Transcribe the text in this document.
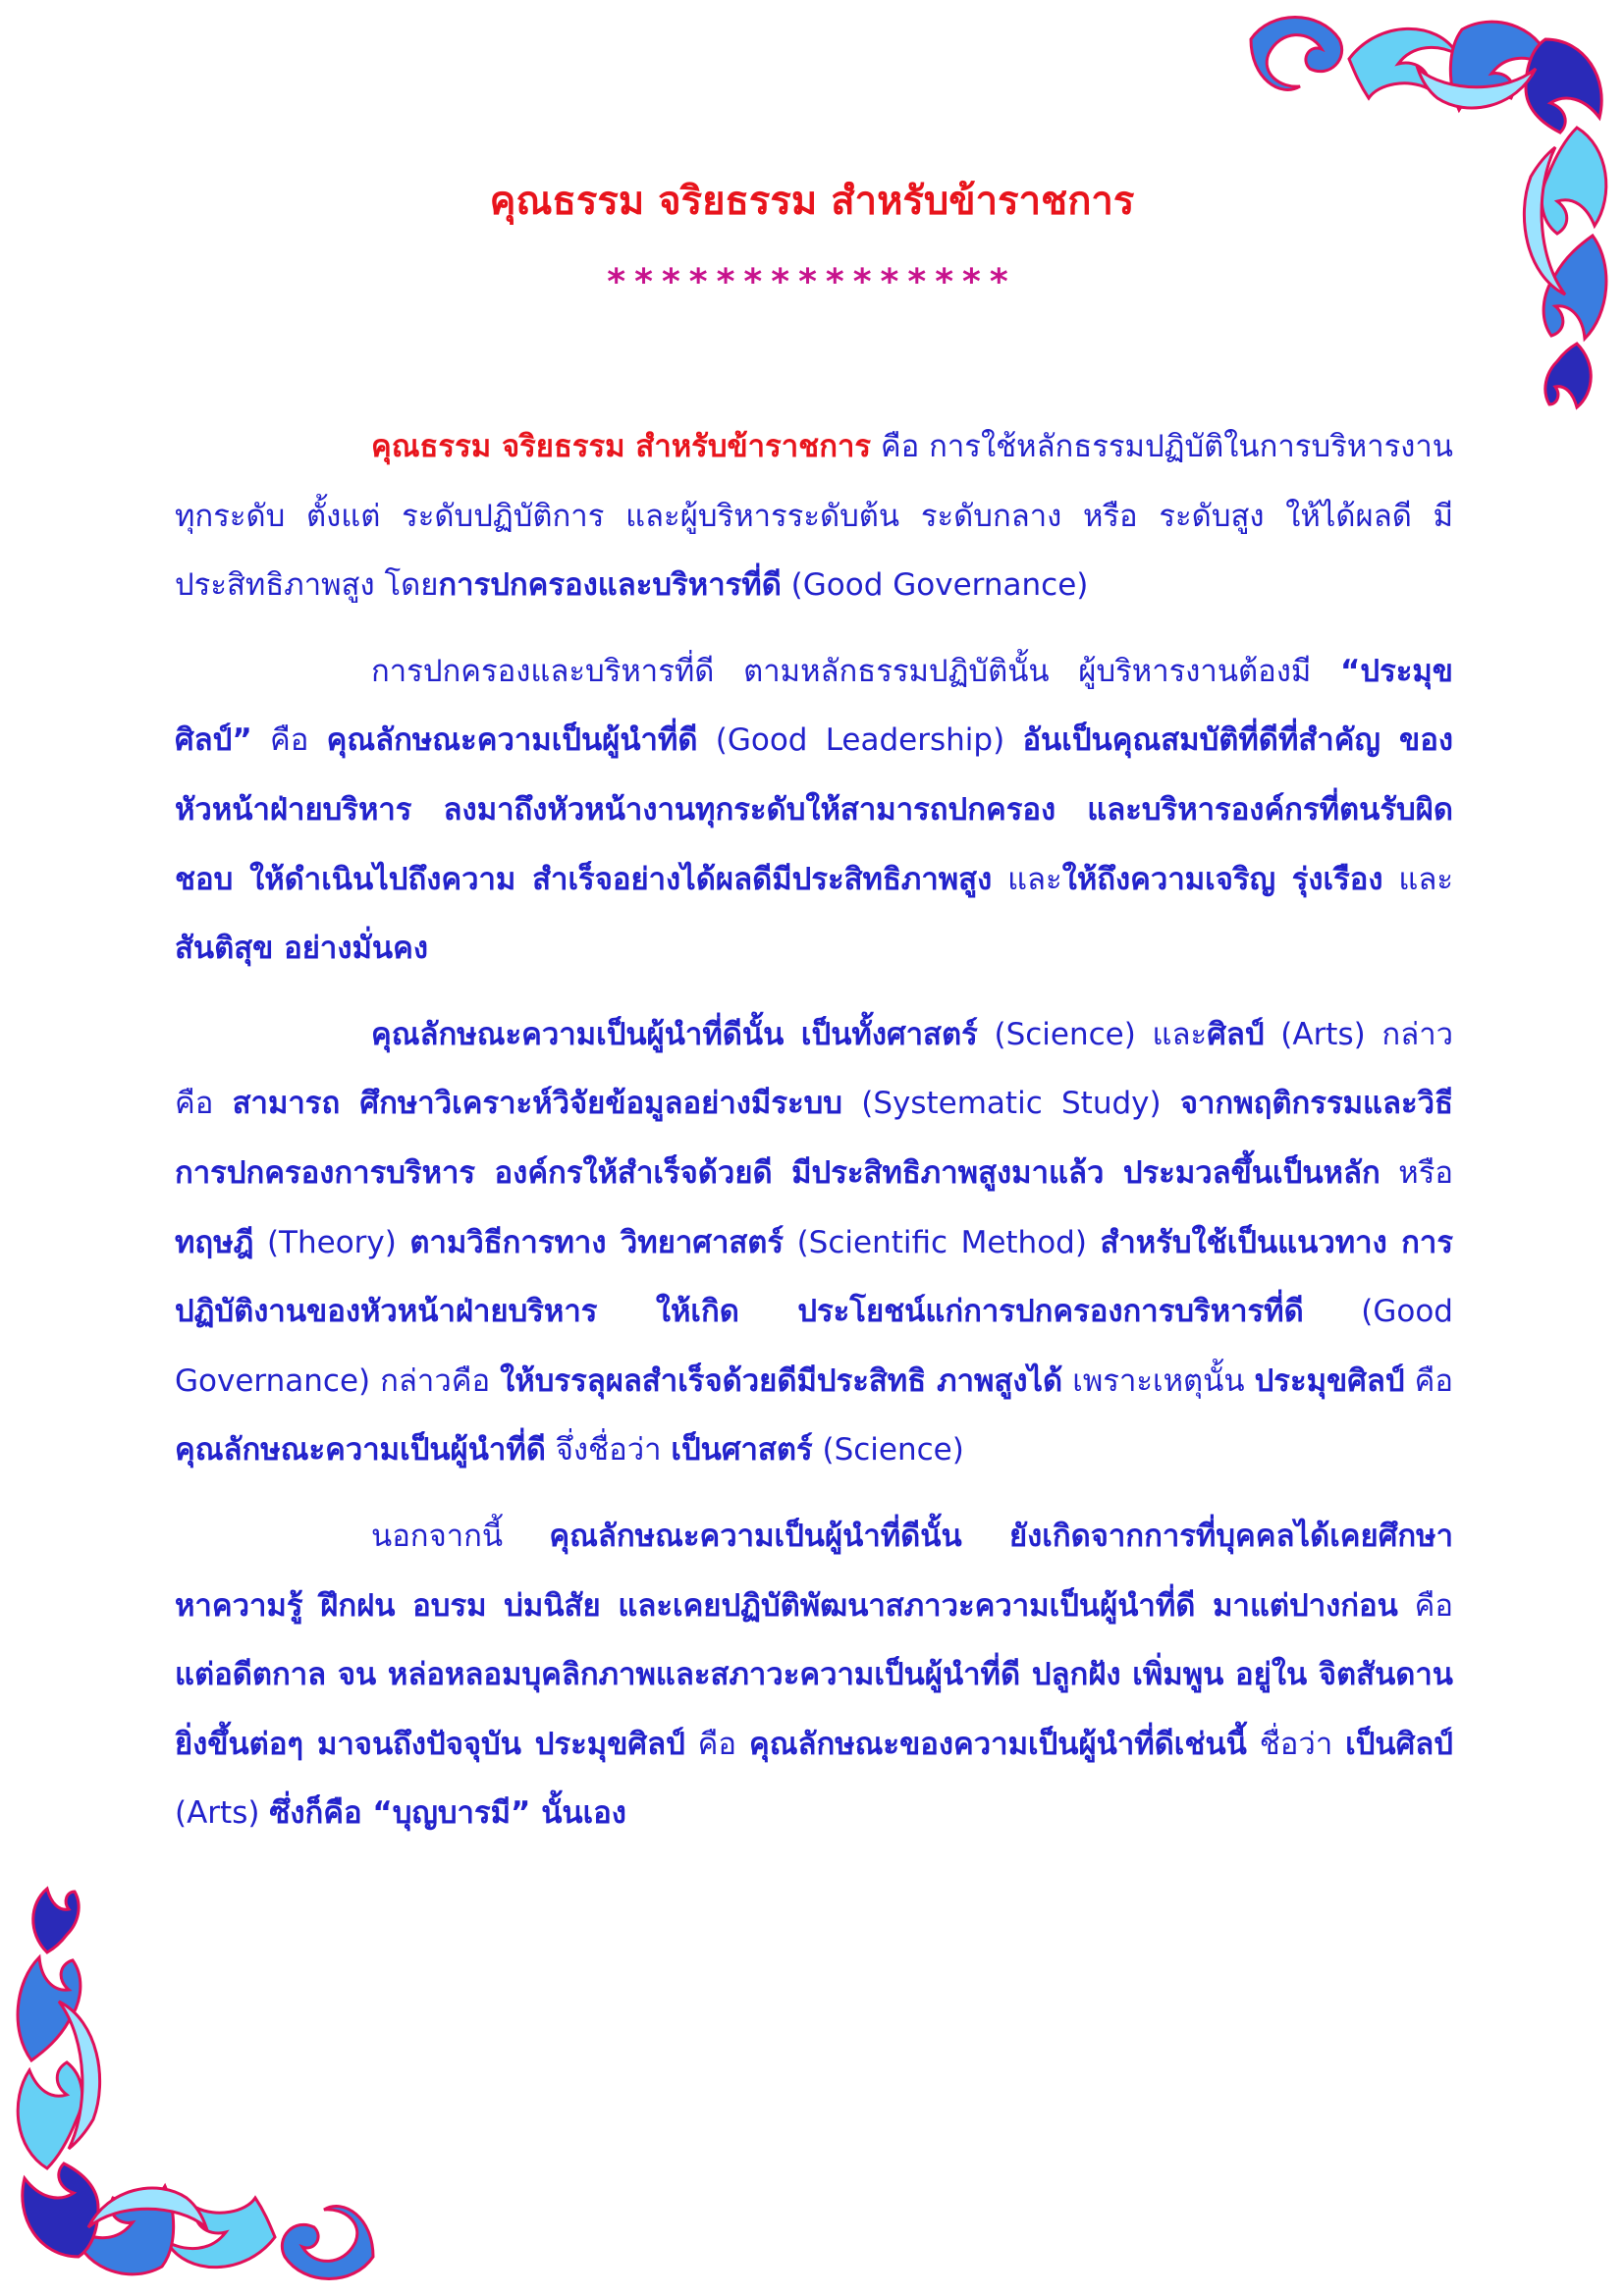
คุณธรรม จริยธรรม สำหรับข้าราชการ
***************

คุณธรรม จริยธรรม สำหรับข้าราชการ คือ การใช้หลักธรรมปฏิบัติในการบริหารงานทุกระดับ ตั้งแต่ ระดับปฏิบัติการ และผู้บริหารระดับต้น ระดับกลาง หรือ ระดับสูง ให้ได้ผลดี มีประสิทธิภาพสูง โดยการปกครองและบริหารที่ดี (Good Governance)

การปกครองและบริหารที่ดี ตามหลักธรรมปฏิบัตินั้น ผู้บริหารงานต้องมี “ประมุขศิลป์” คือ คุณลักษณะความเป็นผู้นำที่ดี (Good Leadership) อันเป็นคุณสมบัติที่ดีที่สำคัญ ของหัวหน้าฝ่ายบริหาร ลงมาถึงหัวหน้างานทุกระดับให้สามารถปกครอง และบริหารองค์กรที่ตนรับผิดชอบ ให้ดำเนินไปถึงความ สำเร็จอย่างได้ผลดีมีประสิทธิภาพสูง และให้ถึงความเจริญ รุ่งเรือง และสันติสุข อย่างมั่นคง

คุณลักษณะความเป็นผู้นำที่ดีนั้น เป็นทั้งศาสตร์ (Science) และศิลป์ (Arts) กล่าวคือ สามารถ ศึกษาวิเคราะห์วิจัยข้อมูลอย่างมีระบบ (Systematic Study) จากพฤติกรรมและวิธีการปกครองการบริหาร องค์กรให้สำเร็จด้วยดี มีประสิทธิภาพสูงมาแล้ว ประมวลขึ้นเป็นหลัก หรือ ทฤษฎี (Theory) ตามวิธีการทาง วิทยาศาสตร์ (Scientific Method) สำหรับใช้เป็นแนวทาง การปฏิบัติงานของหัวหน้าฝ่ายบริหาร ให้เกิด ประโยชน์แก่การปกครองการบริหารที่ดี (Good Governance) กล่าวคือ ให้บรรลุผลสำเร็จด้วยดีมีประสิทธิ ภาพสูงได้ เพราะเหตุนั้น ประมุขศิลป์ คือ คุณลักษณะความเป็นผู้นำที่ดี จึ่งชื่อว่า เป็นศาสตร์ (Science)

นอกจากนี้ คุณลักษณะความเป็นผู้นำที่ดีนั้น ยังเกิดจากการที่บุคคลได้เคยศึกษา หาความรู้ ฝึกฝน อบรม บ่มนิสัย และเคยปฏิบัติพัฒนาสภาวะความเป็นผู้นำที่ดี มาแต่ปางก่อน คือ แต่อดีตกาล จน หล่อหลอมบุคลิกภาพและสภาวะความเป็นผู้นำที่ดี ปลูกฝัง เพิ่มพูน อยู่ใน จิตสันดานยิ่งขึ้นต่อๆ มาจนถึงปัจจุบัน ประมุขศิลป์ คือ คุณลักษณะของความเป็นผู้นำที่ดีเช่นนี้ ชื่อว่า เป็นศิลป์ (Arts) ซึ่งก็คือ “บุญบารมี” นั้นเอง
